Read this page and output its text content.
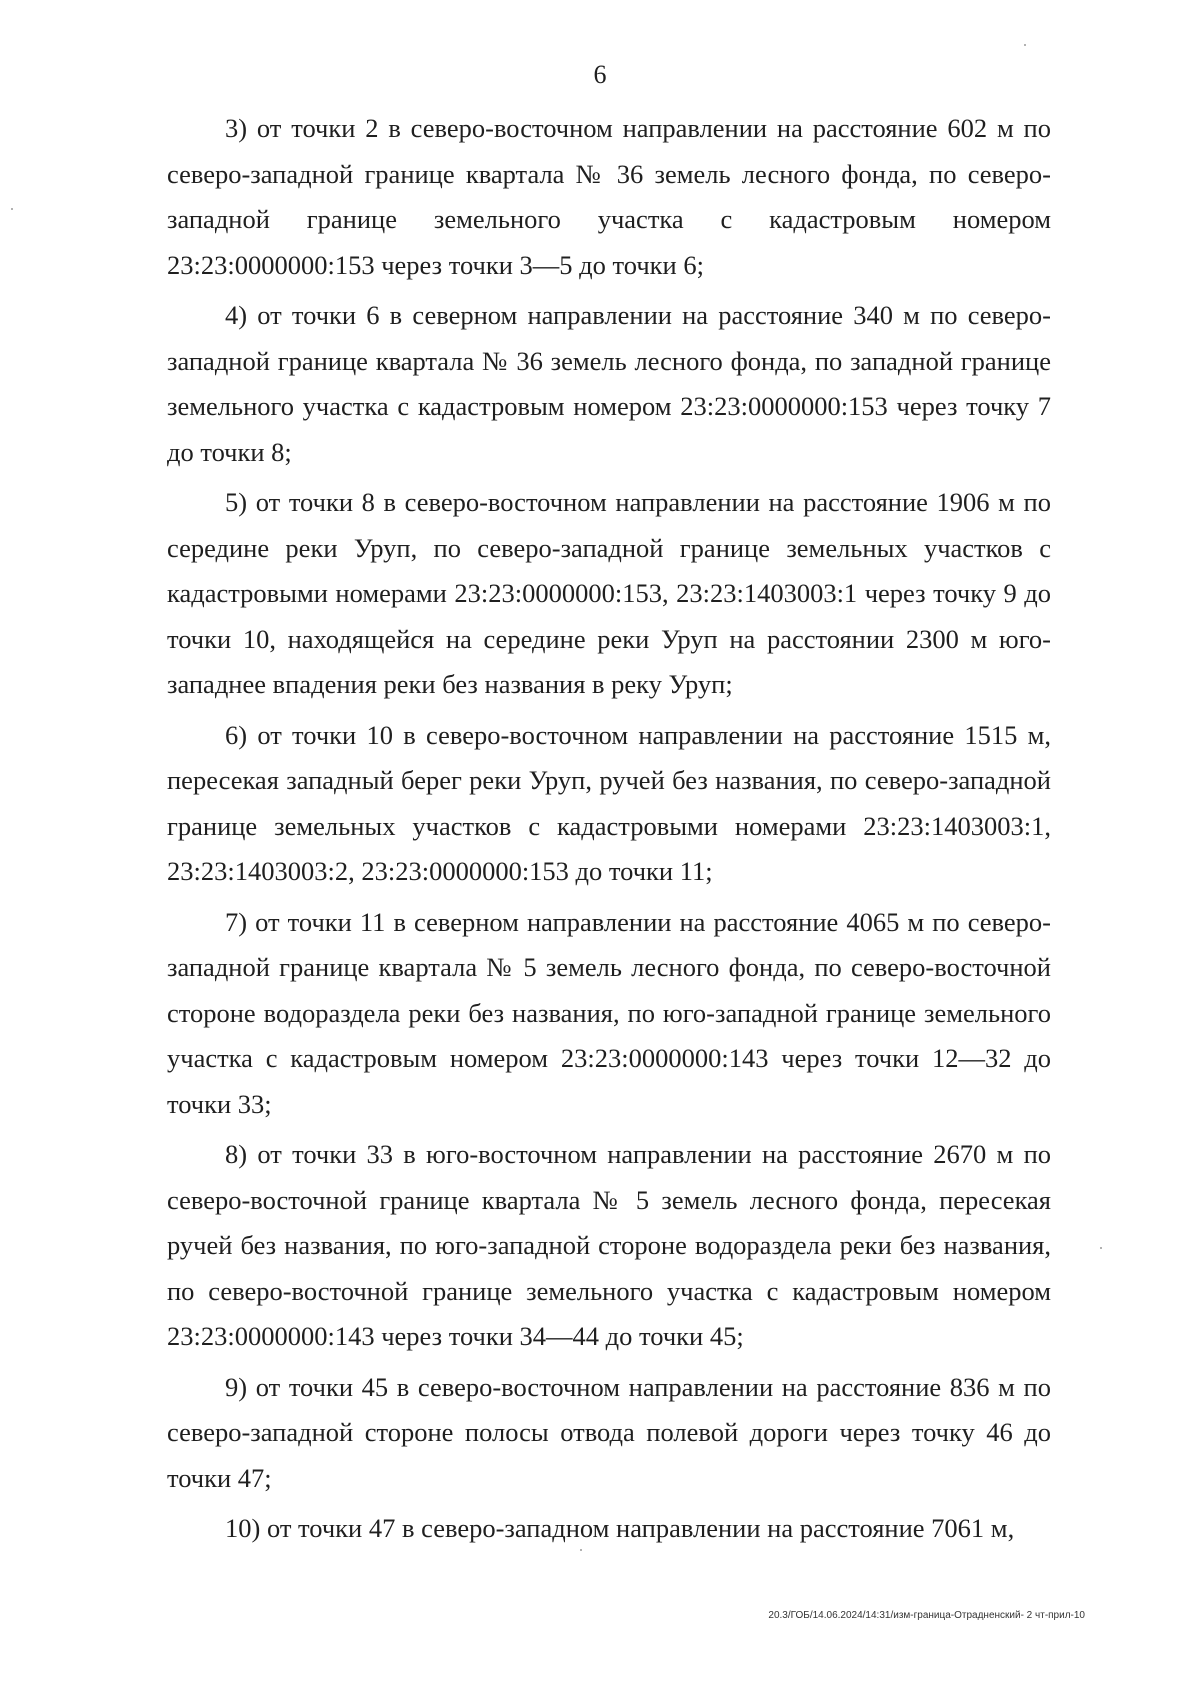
6

3) от точки 2 в северо-восточном направлении на расстояние 602 м по северо-западной границе квартала № 36 земель лесного фонда, по северо-западной границе земельного участка с кадастровым номером 23:23:0000000:153 через точки 3—5 до точки 6;

4) от точки 6 в северном направлении на расстояние 340 м по северо-западной границе квартала № 36 земель лесного фонда, по западной границе земельного участка с кадастровым номером 23:23:0000000:153 через точку 7 до точки 8;

5) от точки 8 в северо-восточном направлении на расстояние 1906 м по середине реки Уруп, по северо-западной границе земельных участков с кадастровыми номерами 23:23:0000000:153, 23:23:1403003:1 через точку 9 до точки 10, находящейся на середине реки Уруп на расстоянии 2300 м юго-западнее впадения реки без названия в реку Уруп;

6) от точки 10 в северо-восточном направлении на расстояние 1515 м, пересекая западный берег реки Уруп, ручей без названия, по северо-западной границе земельных участков с кадастровыми номерами 23:23:1403003:1, 23:23:1403003:2, 23:23:0000000:153 до точки 11;

7) от точки 11 в северном направлении на расстояние 4065 м по северо-западной границе квартала № 5 земель лесного фонда, по северо-восточной стороне водораздела реки без названия, по юго-западной границе земельного участка с кадастровым номером 23:23:0000000:143 через точки 12—32 до точки 33;

8) от точки 33 в юго-восточном направлении на расстояние 2670 м по северо-восточной границе квартала № 5 земель лесного фонда, пересекая ручей без названия, по юго-западной стороне водораздела реки без названия, по северо-восточной границе земельного участка с кадастровым номером 23:23:0000000:143 через точки 34—44 до точки 45;

9) от точки 45 в северо-восточном направлении на расстояние 836 м по северо-западной стороне полосы отвода полевой дороги через точку 46 до точки 47;

10) от точки 47 в северо-западном направлении на расстояние 7061 м,

20.3/ГОБ/14.06.2024/14:31/изм-граница-Отрадненский- 2 чт-прил-10
